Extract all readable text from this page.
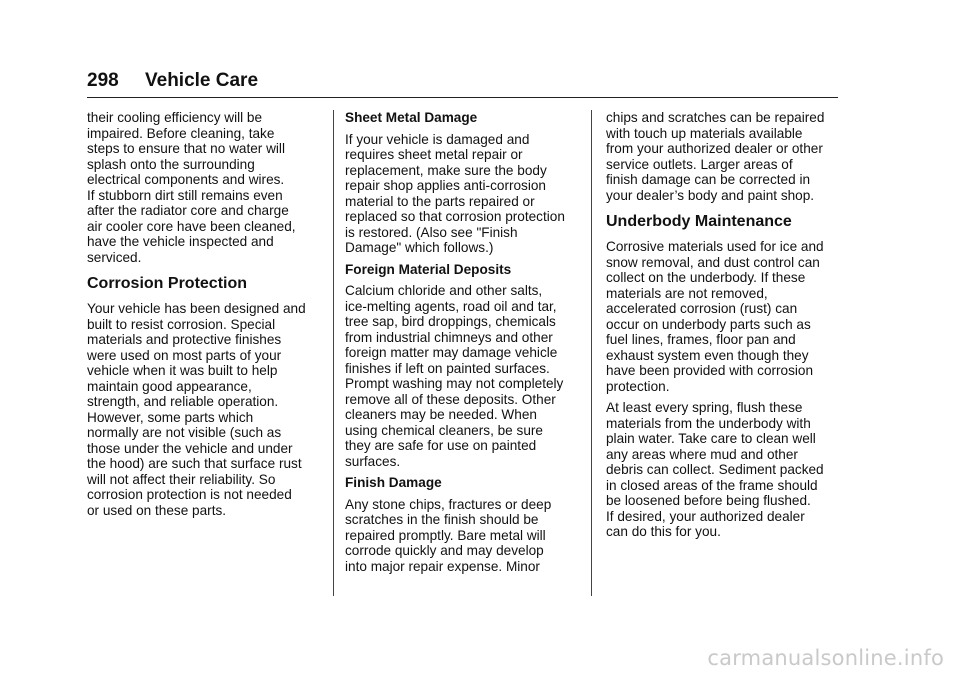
298 Vehicle Care

their cooling efficiency will be
impaired. Before cleaning, take
steps to ensure that no water will
splash onto the surrounding
electrical components and wires.
If stubborn dirt still remains even
after the radiator core and charge
air cooler core have been cleaned,
have the vehicle inspected and
serviced.

Corrosion Protection

Your vehicle has been designed and
built to resist corrosion. Special
materials and protective finishes
were used on most parts of your
vehicle when it was built to help
maintain good appearance,
strength, and reliable operation.
However, some parts which
normally are not visible (such as
those under the vehicle and under
the hood) are such that surface rust
will not affect their reliability. So
corrosion protection is not needed
or used on these parts.

Sheet Metal Damage

If your vehicle is damaged and
requires sheet metal repair or
replacement, make sure the body
repair shop applies anti-corrosion
material to the parts repaired or
replaced so that corrosion protection
is restored. (Also see "Finish
Damage" which follows.)

Foreign Material Deposits

Calcium chloride and other salts,
ice-melting agents, road oil and tar,
tree sap, bird droppings, chemicals
from industrial chimneys and other
foreign matter may damage vehicle
finishes if left on painted surfaces.
Prompt washing may not completely
remove all of these deposits. Other
cleaners may be needed. When
using chemical cleaners, be sure
they are safe for use on painted
surfaces.

Finish Damage

Any stone chips, fractures or deep
scratches in the finish should be
repaired promptly. Bare metal will
corrode quickly and may develop
into major repair expense. Minor

chips and scratches can be repaired
with touch up materials available
from your authorized dealer or other
service outlets. Larger areas of
finish damage can be corrected in
your dealer’s body and paint shop.

Underbody Maintenance

Corrosive materials used for ice and
snow removal, and dust control can
collect on the underbody. If these
materials are not removed,
accelerated corrosion (rust) can
occur on underbody parts such as
fuel lines, frames, floor pan and
exhaust system even though they
have been provided with corrosion
protection.

At least every spring, flush these
materials from the underbody with
plain water. Take care to clean well
any areas where mud and other
debris can collect. Sediment packed
in closed areas of the frame should
be loosened before being flushed.
If desired, your authorized dealer
can do this for you.

carmanualsonline.info
